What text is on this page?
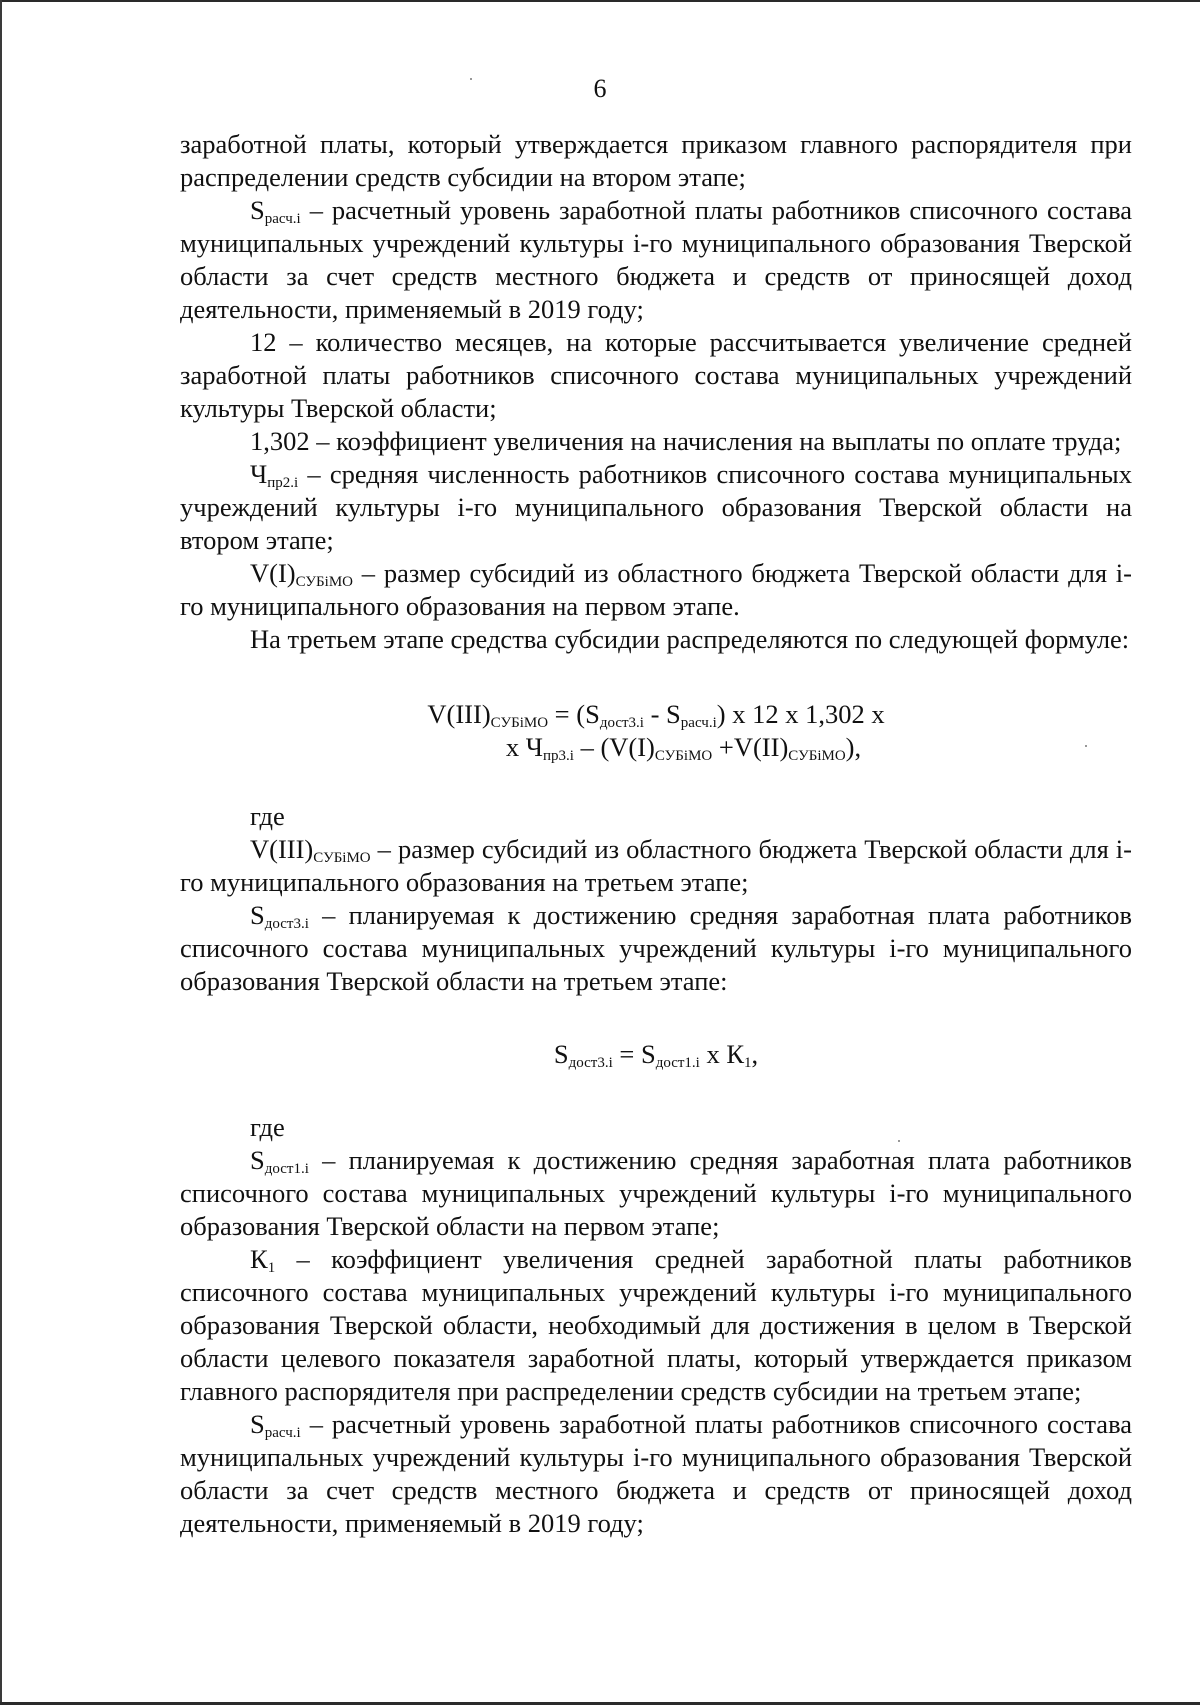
6

заработной платы, который утверждается приказом главного распорядителя при распределении средств субсидии на втором этапе;

$S_{расч.i}$ – расчетный уровень заработной платы работников списочного состава муниципальных учреждений культуры i-го муниципального образования Тверской области за счет средств местного бюджета и средств от приносящей доход деятельности, применяемый в 2019 году;

12 – количество месяцев, на которые рассчитывается увеличение средней заработной платы работников списочного состава муниципальных учреждений культуры Тверской области;

1,302 – коэффициент увеличения на начисления на выплаты по оплате труда;

$Ч_{пр2.i}$ – средняя численность работников списочного состава муниципальных учреждений культуры i-го муниципального образования Тверской области на втором этапе;

$V(I)_{СУБiМО}$ – размер субсидий из областного бюджета Тверской области для i-го муниципального образования на первом этапе.

На третьем этапе средства субсидии распределяются по следующей формуле:

$V(III)_{СУБiМО} = (S_{дост3.i} - S_{расч.i})$ x 12 x 1,302 x
x $Ч_{пр3.i} - (V(I)_{СУБiМО} +V(II)_{СУБiМО})$,

где

$V(III)_{СУБiМО}$ – размер субсидий из областного бюджета Тверской области для i-го муниципального образования на третьем этапе;

$S_{дост3.i}$ – планируемая к достижению средняя заработная плата работников списочного состава муниципальных учреждений культуры i-го муниципального образования Тверской области на третьем этапе:

$S_{дост3.i} = S_{дост1.i}$ x $К_1$,

где

$S_{дост1.i}$ – планируемая к достижению средняя заработная плата работников списочного состава муниципальных учреждений культуры i-го муниципального образования Тверской области на первом этапе;

$К_1$ – коэффициент увеличения средней заработной платы работников списочного состава муниципальных учреждений культуры i-го муниципального образования Тверской области, необходимый для достижения в целом в Тверской области целевого показателя заработной платы, который утверждается приказом главного распорядителя при распределении средств субсидии на третьем этапе;

$S_{расч.i}$ – расчетный уровень заработной платы работников списочного состава муниципальных учреждений культуры i-го муниципального образования Тверской области за счет средств местного бюджета и средств от приносящей доход деятельности, применяемый в 2019 году;
